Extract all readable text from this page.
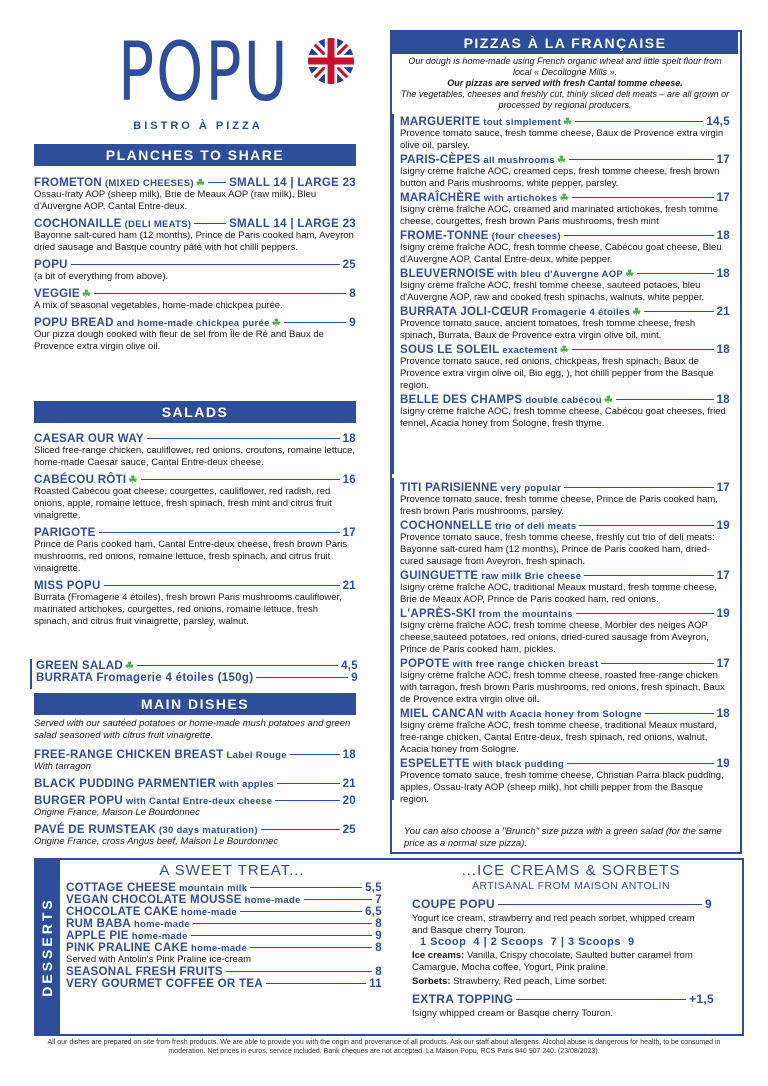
POPU
BISTRO À PIZZA
PLANCHES TO SHARE
FROMETON (MIXED CHEESES) ☘ SMALL 14 | LARGE 23
Ossau-Iraty AOP (sheep milk), Brie de Meaux AOP (raw milk), Bleu d'Auvergne AOP, Cantal Entre-deux.
COCHONAILLE (DELI MEATS)	SMALL 14 | LARGE 23
Bayonne salt-cured ham (12 months), Prince de Paris cooked ham, Aveyron dried sausage and Basque country pâté with hot chilli peppers.
POPU	25
(a bit of everything from above).
VEGGIE ☘	8
A mix of seasonal vegetables, home-made chickpea purée.
POPU BREAD and home-made chickpea purée ☘	9
Our pizza dough cooked with fleur de sel from Île de Ré and Baux de Provence extra virgin olive oil.
SALADS
CAESAR OUR WAY	18
Sliced free-range chicken, cauliflower, red onions, croutons, romaine lettuce, home-made Caesar sauce, Cantal Entre-deux cheese.
CABÉCOU RÔTI ☘	16
Roasted Cabécou goat cheese, courgettes, cauliflower, red radish, red onions, apple, romaine lettuce, fresh spinach, fresh mint and citrus fruit vinaigrette.
PARIGOTE	17
Prince de Paris cooked ham, Cantal Entre-deux cheese, fresh brown Paris mushrooms, red onions, romaine lettuce, fresh spinach, and citrus fruit vinaigrette.
MISS POPU	21
Burrata (Fromagerie 4 étoiles), fresh brown Paris mushrooms cauliflower, marinated artichokes, courgettes, red onions, romaine lettuce, fresh spinach, and citrus fruit vinaigrette, parsley, walnut.
GREEN SALAD ☘	4,5
BURRATA Fromagerie 4 étoiles (150g)	9
MAIN DISHES
Served with our sautéed potatoes or home-made mush potatoes and green salad seasoned with citrus fruit vinaigrette.
FREE-RANGE CHICKEN BREAST Label Rouge	18
With tarragon
BLACK PUDDING PARMENTIER with apples	21
BURGER POPU with Cantal Entre-deux cheese	20
Origine France, Maison Le Bourdonnec
PAVÉ DE RUMSTEAK (30 days maturation)	25
Origine France, cross Angus beef, Maison Le Bourdonnec
PIZZAS À LA FRANÇAISE
Our dough is home-made using French organic wheat and little spelt flour from local « Decollogne Mills ».
Our pizzas are served with fresh Cantal tomme cheese.
The vegetables, cheeses and freshly cut, thinly sliced deli meats – are all grown or processed by regional producers.
MARGUERITE tout simplement ☘	14,5
Provence tomato sauce, fresh tomme cheese, Baux de Provence extra virgin olive oil, parsley.
PARIS-CÈPES all mushrooms ☘	17
Isigny crème fraîche AOC, creamed ceps, fresh tomme cheese, fresh brown button and Paris mushrooms, white pepper, parsley.
MARAÎCHÈRE with artichokes ☘	17
Isigny crème fraîche AOC, creamed and marinated artichokes, fresh tomme cheese, courgettes, fresh brown Paris mushrooms, fresh mint
FROME-TONNE (four cheeses)	18
Isigny crème fraîche AOC, fresh tomme cheese, Cabécou goat cheese, Bleu d'Auvergne AOP, Cantal Entre-deux, white pepper.
BLEUVERNOISE with bleu d'Auvergne AOP ☘	18
Isigny crème fraîche AOC, freshl tomme cheese, sauteed potaoes, bleu d'Auvergne AOP, raw and cooked fresh spinachs, walnuts, white pepper.
BURRATA JOLI-CŒUR Fromagerie 4 étoiles ☘	21
Provence tomato sauce, ancient tomatoes, fresh tomme cheese, fresh spinach, Burrata, Baux de Provence extra virgin olive oil, mint.
SOUS LE SOLEIL exactement ☘	18
Provence tomato sauce, red onions, chickpeas, fresh spinach, Baux de Provence extra virgin olive oil, Bio egg, ), hot chilli pepper from the Basque region.
BELLE DES CHAMPS double cabécou ☘	18
Isigny crème fraîche AOC, fresh tomme cheese, Cabécou goat cheeses, fried fennel, Acacia honey from Sologne, fresh thyme.
TITI PARISIENNE very popular	17
Provence tomato sauce, fresh tomme cheese, Prince de Paris cooked ham, fresh brown Paris mushrooms, parsley.
COCHONNELLE trio of deli meats	19
Provence tomato sauce, fresh tomme cheese, freshly cut trio of deli meats: Bayonne salt-cured ham (12 months), Prince de Paris cooked ham, dried-cured sausage from Aveyron, fresh spinach.
GUINGUETTE raw milk Brie cheese	17
Isigny crème fraîche AOC, traditional Meaux mustard, fresh tomme cheese, Brie de Meaux AOP, Prince de Paris cooked ham, red onions.
L'APRÈS-SKI from the mountains	19
Isigny crème fraîche AOC, fresh tomme cheese, Morbier des neiges AOP cheese,sauteed potatoes, red onions, dried-cured sausage from Aveyron, Prince de Paris cooked ham, pickles.
POPOTE with free range chicken breast	17
Isigny crème fraîche AOC, fresh tomme cheese, roasted free-range chicken with tarragon, fresh brown Paris mushrooms, red onions, fresh spinach, Baux de Provence extra virgin olive oil.
MIEL CANCAN with Acacia honey from Sologne	18
Isigny crème fraîche AOC, fresh tomme cheese, traditional Meaux mustard, free-range chicken, Cantal Entre-deux, fresh spinach, red onions, walnut, Acacia honey from Sologne.
ESPELETTE with black pudding	19
Provence tomato sauce, fresh tomme cheese, Christian Parra black pudding, apples, Ossau-Iraty AOP (sheep milk), hot chilli pepper from the Basque region.
You can also choose a "Brunch" size pizza with a green salad (for the same price as a normal size pizza).
DESSERTS
A SWEET TREAT...
COTTAGE CHEESE mountain milk	5,5
VEGAN CHOCOLATE MOUSSE home-made	7
CHOCOLATE CAKE home-made	6,5
RUM BABA home-made	8
APPLE PIE home-made	9
PINK PRALINE CAKE home-made	8
Served with Antolin's Pink Praline ice-cream
SEASONAL FRESH FRUITS	8
VERY GOURMET COFFEE OR TEA	11
...ICE CREAMS & SORBETS
ARTISANAL FROM MAISON ANTOLIN
COUPE POPU	9
Yogurt ice cream, strawberry and red peach sorbet, whipped cream and Basque cherry Touron.
1 Scoop  4 | 2 Scoops  7 | 3 Scoops  9
Ice creams: Vanilla, Crispy chocolate, Saulted butter caramel from Camargue, Mocha coffee, Yogurt, Pink praline.
Sorbets: Strawberry, Red peach, Lime sorbet.
EXTRA TOPPING	+1,5
Isigny whipped cream or Basque cherry Touron.
All our dishes are prepared on site from fresh products. We are able to provide you with the origin and provenance of all products. Ask our staff about allergens. Alcohol abuse is dangerous for health, to be consumed in moderation. Net prices in euros, service included. Bank cheques are not accepted. La Maison Popu, RCS Paris 840 907 240. (23/08/2023).
